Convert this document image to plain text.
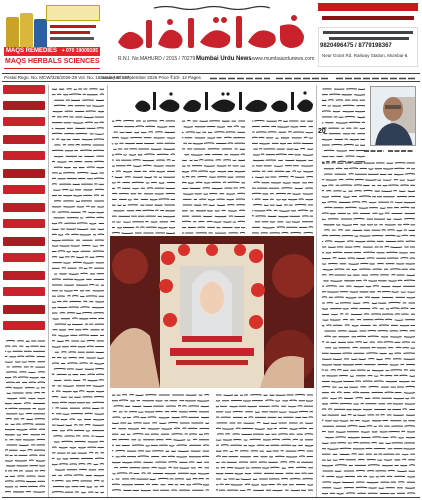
MAQS REMEDIES + 070 19009195
MAQS HERBALS SCIENCES	R.N.I. No.MAHURD / 2015 / 70279 Mumbai Urdu News www.mumbaiurdunews.com
9820496475 / 8779198367
Near Grant Rd. Railway Station, Mumbai-8.
Postal Regn. No. MCW/326/2026-28 Vol. No. 16 Issue No. 347
Sunday 6th September 2026 Price ₹10/- 12 Pages
20
